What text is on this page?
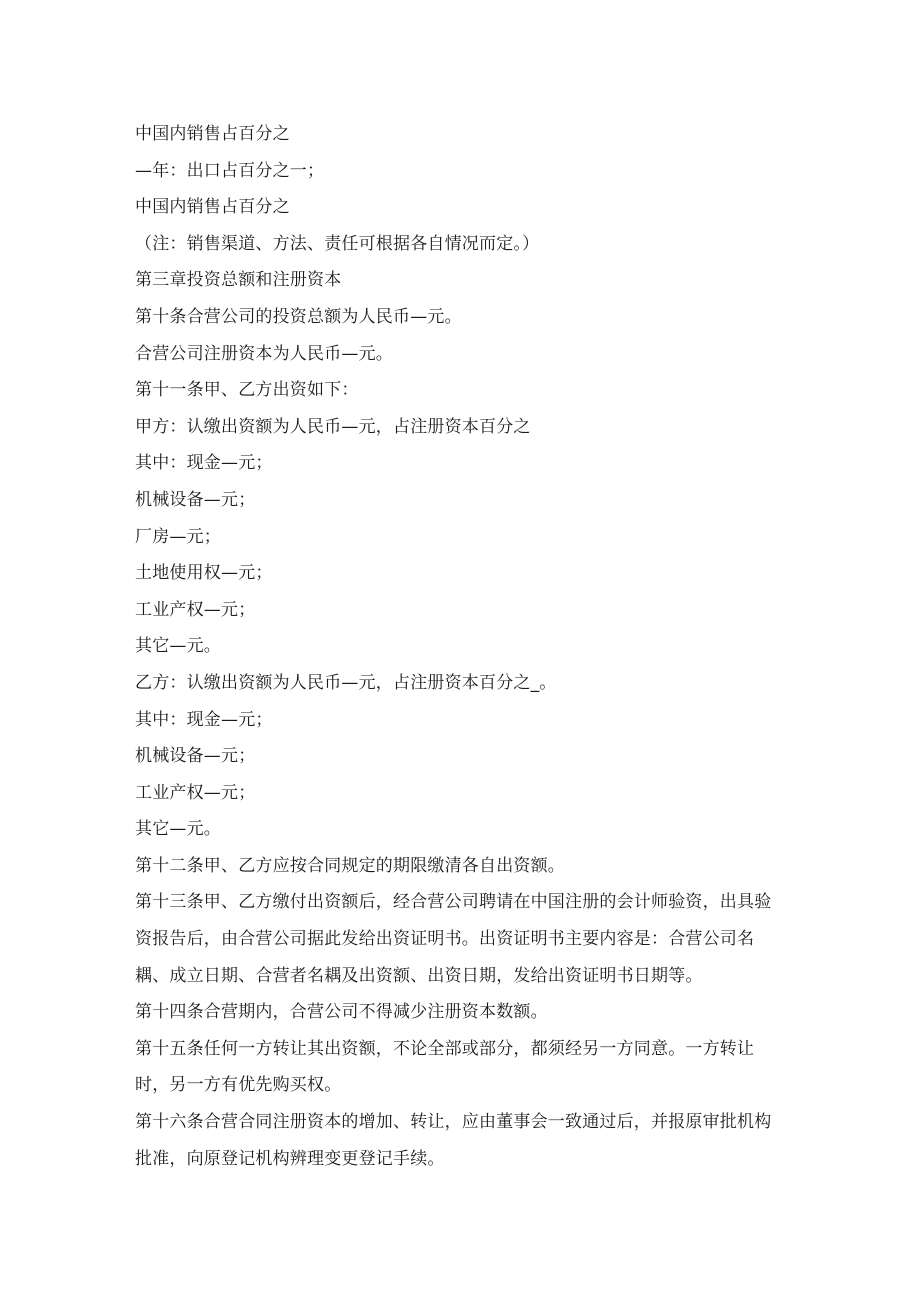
中国内销售占百分之

—年：出口占百分之一；

中国内销售占百分之

（注：销售渠道、方法、责任可根据各自情况而定。）

第三章投资总额和注册资本

第十条合营公司的投资总额为人民币—元。

合营公司注册资本为人民币—元。

第十一条甲、乙方出资如下：

甲方：认缴出资额为人民币—元，占注册资本百分之

其中：现金—元；

机械设备—元；

厂房—元；

土地使用权—元；

工业产权—元；

其它—元。

乙方：认缴出资额为人民币—元，占注册资本百分之_。

其中：现金—元；

机械设备—元；

工业产权—元；

其它—元。

第十二条甲、乙方应按合同规定的期限缴清各自出资额。

第十三条甲、乙方缴付出资额后，经合营公司聘请在中国注册的会计师验资，出具验资报告后，由合营公司据此发给出资证明书。出资证明书主要内容是：合营公司名耦、成立日期、合营者名耦及出资额、出资日期，发给出资证明书日期等。

第十四条合营期内，合营公司不得减少注册资本数额。

第十五条任何一方转让其出资额，不论全部或部分，都须经另一方同意。一方转让时，另一方有优先购买权。

第十六条合营合同注册资本的增加、转让，应由董事会一致通过后，并报原审批机构批准，向原登记机构辨理变更登记手续。
